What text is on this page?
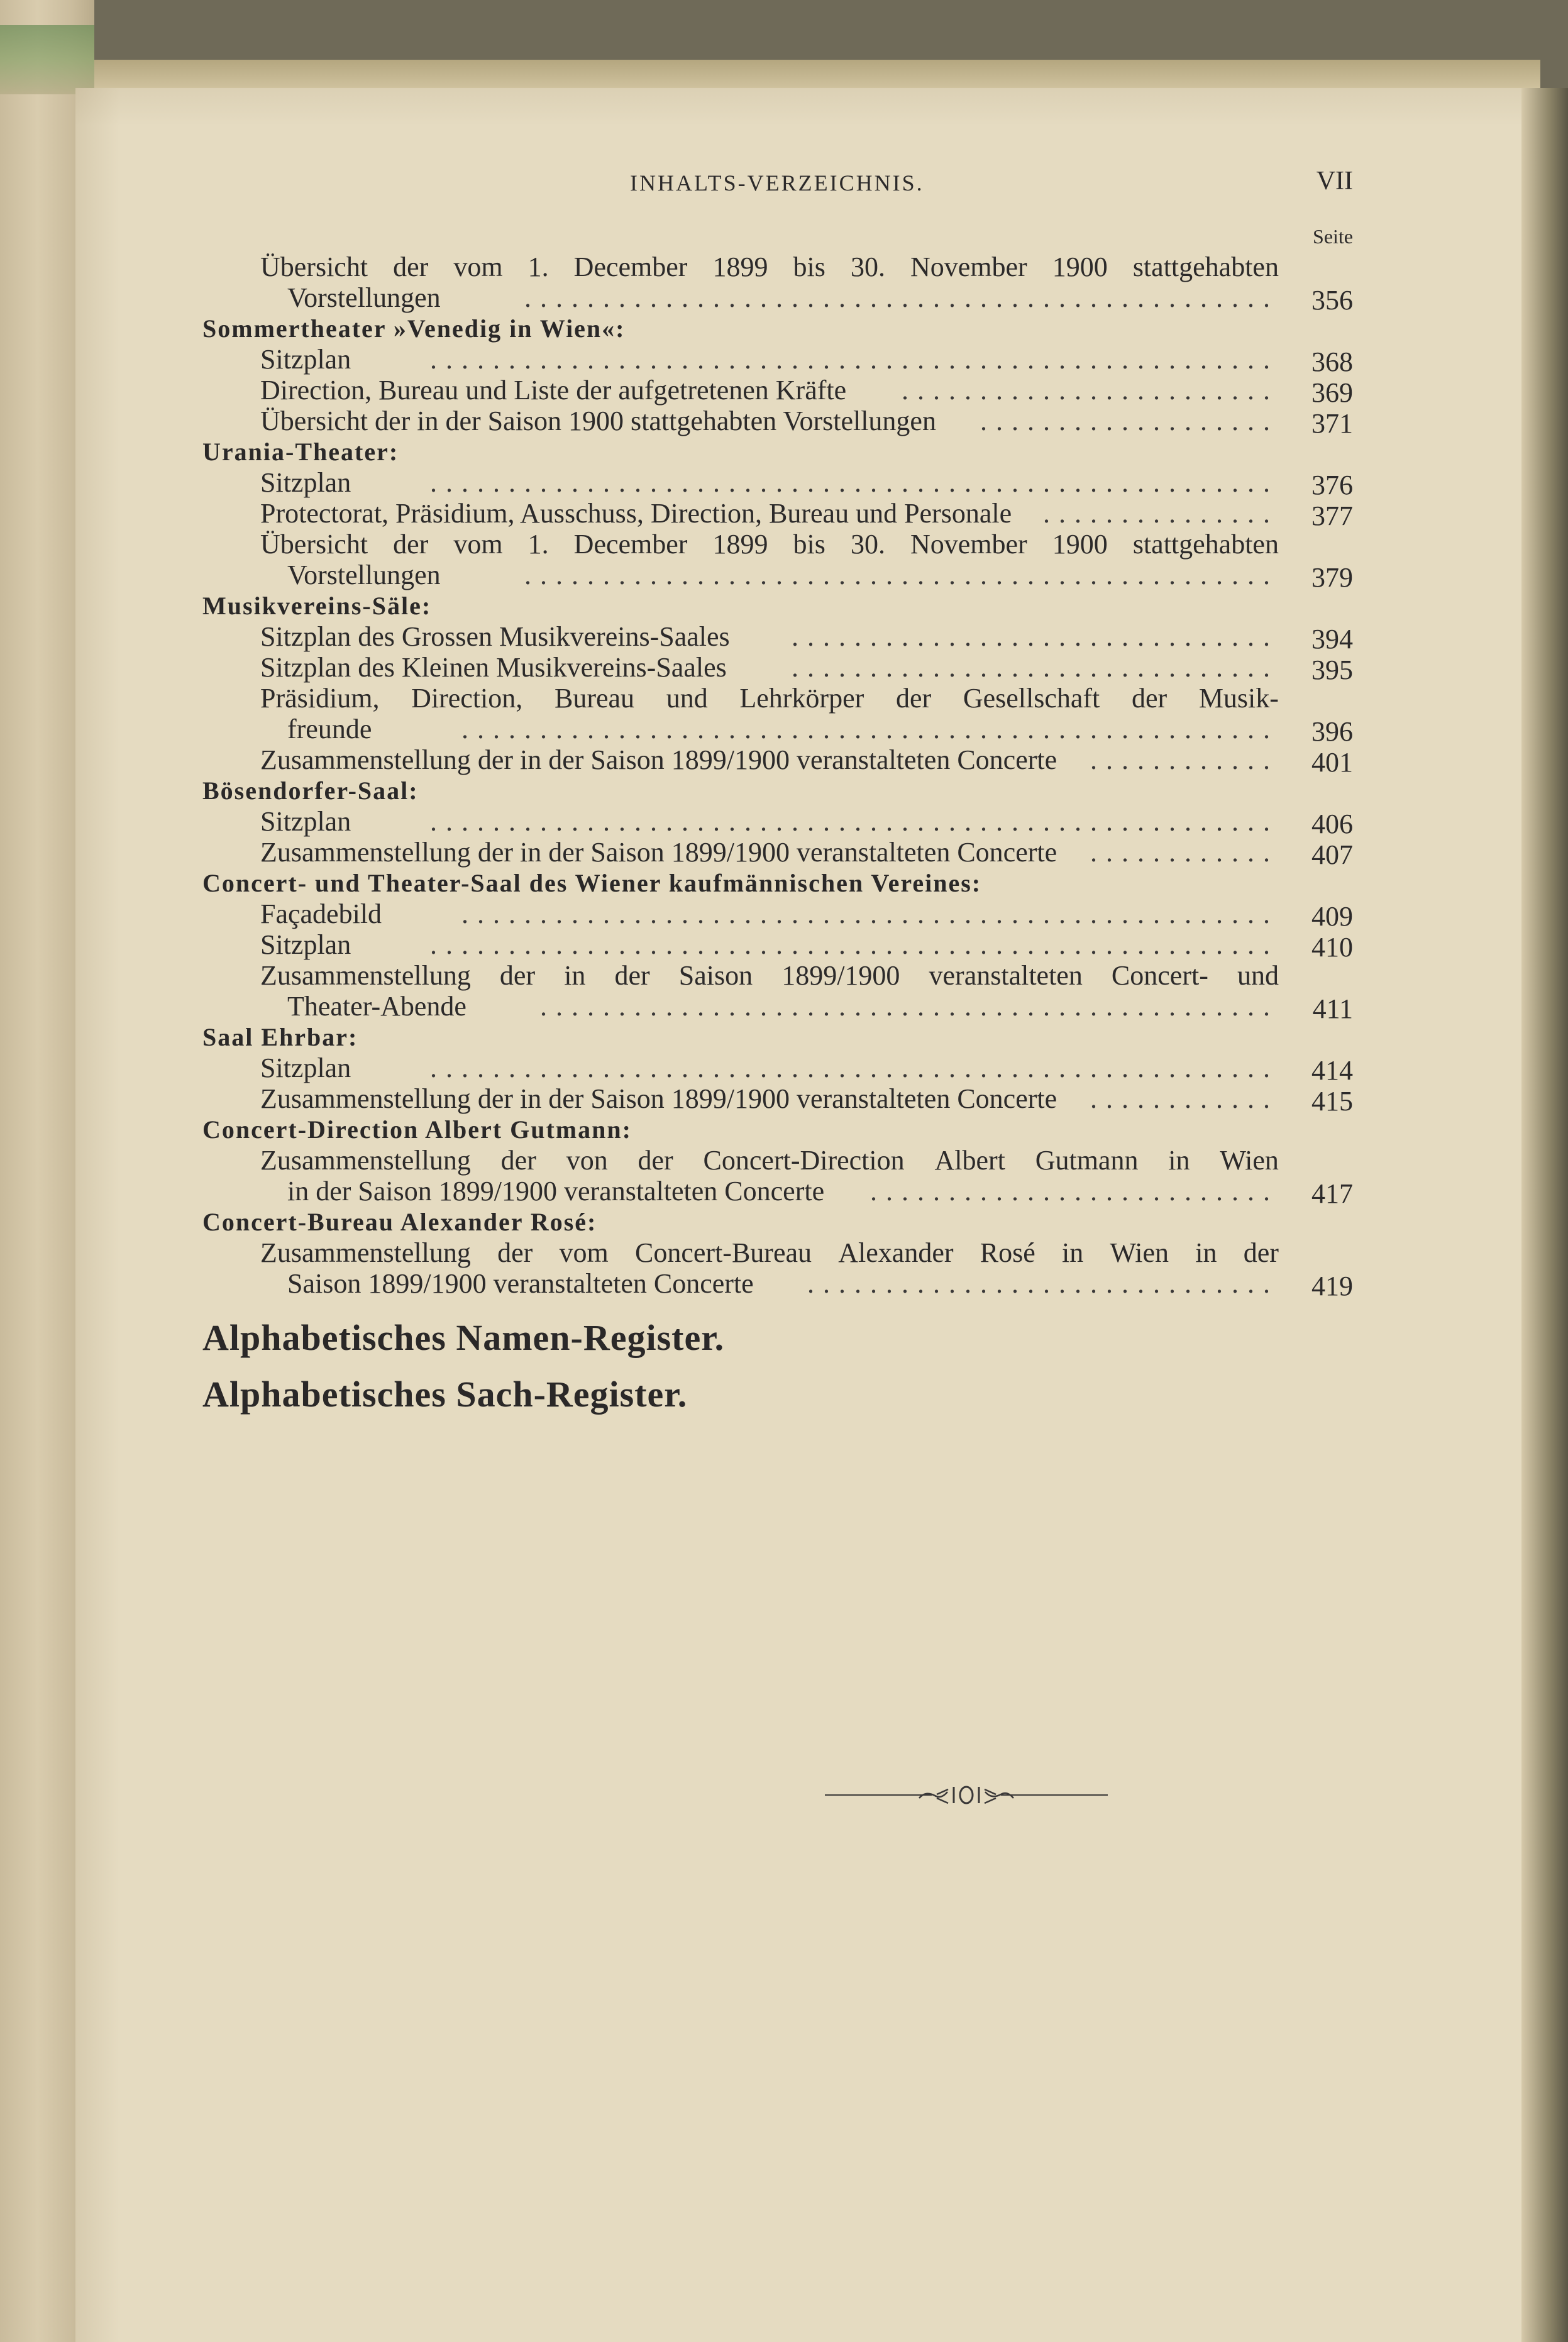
INHALTS-VERZEICHNIS.	VII
Seite
Übersicht der vom 1. December 1899 bis 30. November 1900 stattgehabten
Vorstellungen	................................................	356
Sommertheater »Venedig in Wien«:
Sitzplan	......................................................	368
Direction, Bureau und Liste der aufgetretenen Kräfte ........................	369
Übersicht der in der Saison 1900 stattgehabten Vorstellungen ...................	371
Urania-Theater:
Sitzplan	......................................................	376
Protectorat, Präsidium, Ausschuss, Direction, Bureau und Personale ...............	377
Übersicht der vom 1. December 1899 bis 30. November 1900 stattgehabten
Vorstellungen	................................................	379
Musikvereins-Säle:
Sitzplan des Grossen Musikvereins-Saales ...............................	394
Sitzplan des Kleinen Musikvereins-Saales ...............................	395
Präsidium, Direction, Bureau und Lehrkörper der Gesellschaft der Musik-
freunde	....................................................	396
Zusammenstellung der in der Saison 1899/1900 veranstalteten Concerte ............	401
Bösendorfer-Saal:
Sitzplan	......................................................	406
Zusammenstellung der in der Saison 1899/1900 veranstalteten Concerte ............	407
Concert- und Theater-Saal des Wiener kaufmännischen Vereines:
Façadebild	....................................................	409
Sitzplan	......................................................	410
Zusammenstellung der in der Saison 1899/1900 veranstalteten Concert- und
Theater-Abende	...............................................	411
Saal Ehrbar:
Sitzplan	......................................................	414
Zusammenstellung der in der Saison 1899/1900 veranstalteten Concerte ............	415
Concert-Direction Albert Gutmann:
Zusammenstellung der von der Concert-Direction Albert Gutmann in Wien
in der Saison 1899/1900 veranstalteten Concerte ..........................	417
Concert-Bureau Alexander Rosé:
Zusammenstellung der vom Concert-Bureau Alexander Rosé in Wien in der
Saison 1899/1900 veranstalteten Concerte ..............................	419
Alphabetisches Namen-Register.
Alphabetisches Sach-Register.
